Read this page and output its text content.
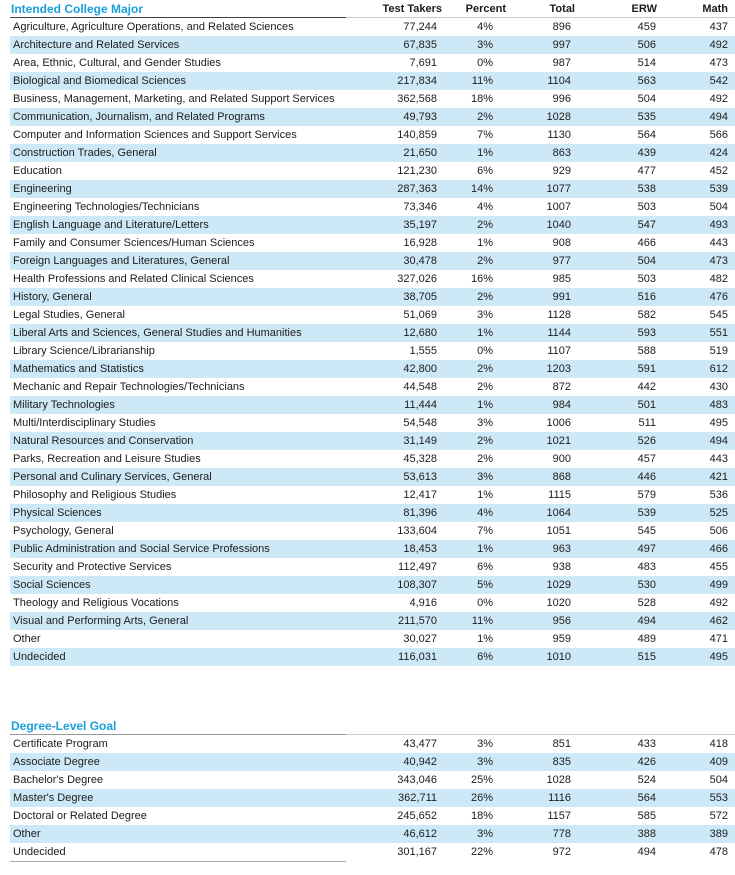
Intended College Major	Test Takers	Percent	Total	ERW	Math
Agriculture, Agriculture Operations, and Related Sciences	77,244	4%	896	459	437
Architecture and Related Services	67,835	3%	997	506	492
Area, Ethnic, Cultural, and Gender Studies	7,691	0%	987	514	473
Biological and Biomedical Sciences	217,834	11%	1104	563	542
Business, Management, Marketing, and Related Support Services	362,568	18%	996	504	492
Communication, Journalism, and Related Programs	49,793	2%	1028	535	494
Computer and Information Sciences and Support Services	140,859	7%	1130	564	566
Construction Trades, General	21,650	1%	863	439	424
Education	121,230	6%	929	477	452
Engineering	287,363	14%	1077	538	539
Engineering Technologies/Technicians	73,346	4%	1007	503	504
English Language and Literature/Letters	35,197	2%	1040	547	493
Family and Consumer Sciences/Human Sciences	16,928	1%	908	466	443
Foreign Languages and Literatures, General	30,478	2%	977	504	473
Health Professions and Related Clinical Sciences	327,026	16%	985	503	482
History, General	38,705	2%	991	516	476
Legal Studies, General	51,069	3%	1128	582	545
Liberal Arts and Sciences, General Studies and Humanities	12,680	1%	1144	593	551
Library Science/Librarianship	1,555	0%	1107	588	519
Mathematics and Statistics	42,800	2%	1203	591	612
Mechanic and Repair Technologies/Technicians	44,548	2%	872	442	430
Military Technologies	11,444	1%	984	501	483
Multi/Interdisciplinary Studies	54,548	3%	1006	511	495
Natural Resources and Conservation	31,149	2%	1021	526	494
Parks, Recreation and Leisure Studies	45,328	2%	900	457	443
Personal and Culinary Services, General	53,613	3%	868	446	421
Philosophy and Religious Studies	12,417	1%	1115	579	536
Physical Sciences	81,396	4%	1064	539	525
Psychology, General	133,604	7%	1051	545	506
Public Administration and Social Service Professions	18,453	1%	963	497	466
Security and Protective Services	112,497	6%	938	483	455
Social Sciences	108,307	5%	1029	530	499
Theology and Religious Vocations	4,916	0%	1020	528	492
Visual and Performing Arts, General	211,570	11%	956	494	462
Other	30,027	1%	959	489	471
Undecided	116,031	6%	1010	515	495
Degree-Level Goal					
Certificate Program	43,477	3%	851	433	418
Associate Degree	40,942	3%	835	426	409
Bachelor's Degree	343,046	25%	1028	524	504
Master's Degree	362,711	26%	1116	564	553
Doctoral or Related Degree	245,652	18%	1157	585	572
Other	46,612	3%	778	388	389
Undecided	301,167	22%	972	494	478
